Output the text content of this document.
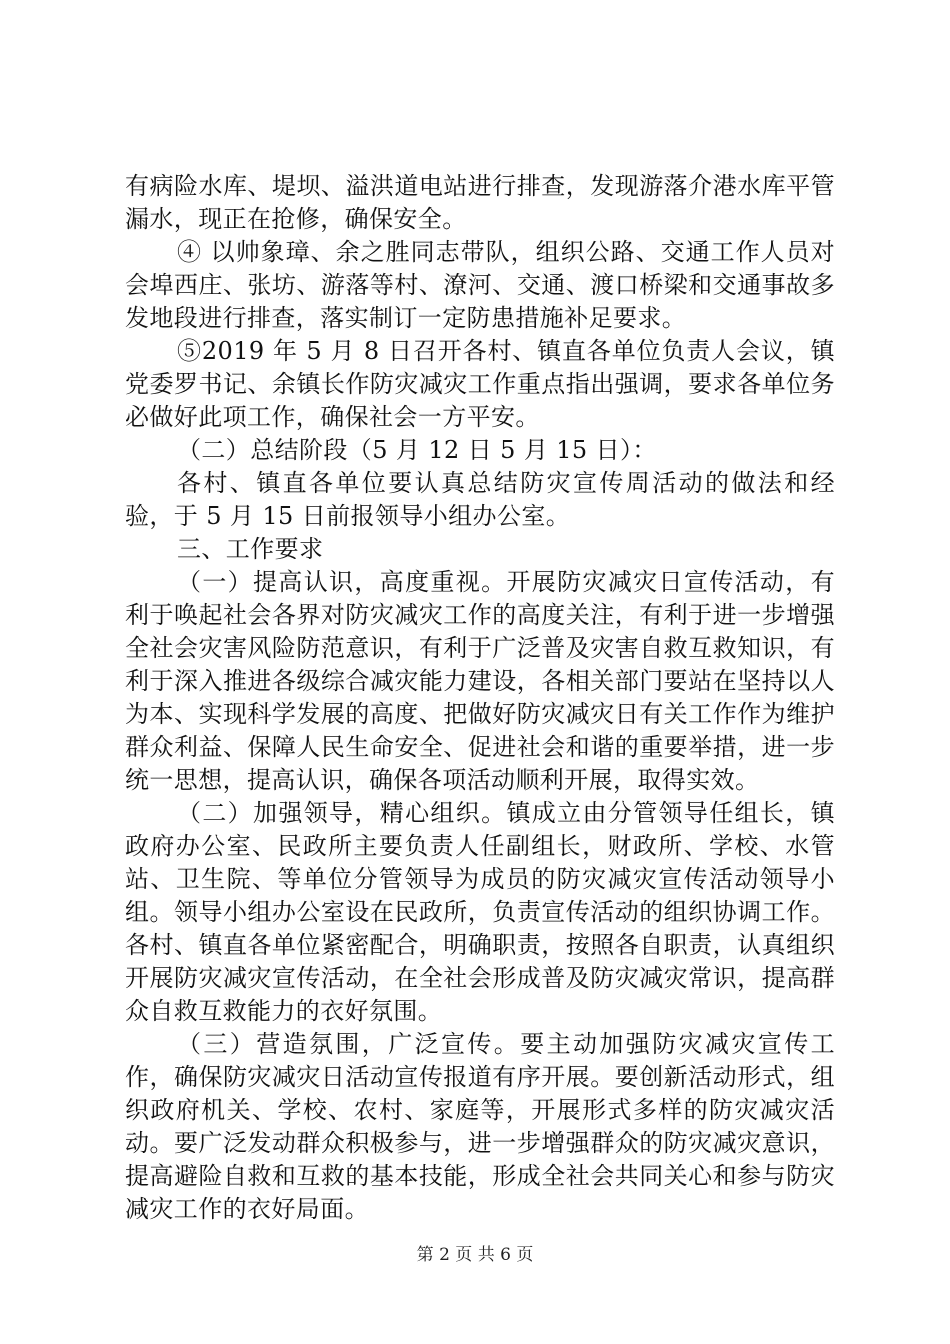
有病险水库、堤坝、溢洪道电站进行排查，发现游落介港水库平管漏水，现正在抢修，确保安全。

④ 以帅象璋、余之胜同志带队，组织公路、交通工作人员对会埠西庄、张坊、游落等村、潦河、交通、渡口桥梁和交通事故多发地段进行排查，落实制订一定防患措施补足要求。

⑤2019 年 5 月 8 日召开各村、镇直各单位负责人会议，镇党委罗书记、余镇长作防灾减灾工作重点指出强调，要求各单位务必做好此项工作，确保社会一方平安。

（二）总结阶段（5 月 12 日 5 月 15 日）：

各村、镇直各单位要认真总结防灾宣传周活动的做法和经验，于 5 月 15 日前报领导小组办公室。

三、工作要求

（一）提高认识，高度重视。开展防灾减灾日宣传活动，有利于唤起社会各界对防灾减灾工作的高度关注，有利于进一步增强全社会灾害风险防范意识，有利于广泛普及灾害自救互救知识，有利于深入推进各级综合减灾能力建设，各相关部门要站在坚持以人为本、实现科学发展的高度、把做好防灾减灾日有关工作作为维护群众利益、保障人民生命安全、促进社会和谐的重要举措，进一步统一思想，提高认识，确保各项活动顺利开展，取得实效。

（二）加强领导，精心组织。镇成立由分管领导任组长，镇政府办公室、民政所主要负责人任副组长，财政所、学校、水管站、卫生院、等单位分管领导为成员的防灾减灾宣传活动领导小组。领导小组办公室设在民政所，负责宣传活动的组织协调工作。各村、镇直各单位紧密配合，明确职责，按照各自职责，认真组织开展防灾减灾宣传活动，在全社会形成普及防灾减灾常识，提高群众自救互救能力的衣好氛围。

（三）营造氛围，广泛宣传。要主动加强防灾减灾宣传工作，确保防灾减灾日活动宣传报道有序开展。要创新活动形式，组织政府机关、学校、农村、家庭等，开展形式多样的防灾减灾活动。要广泛发动群众积极参与，进一步增强群众的防灾减灾意识，提高避险自救和互救的基本技能，形成全社会共同关心和参与防灾减灾工作的衣好局面。

第 2 页 共 6 页
